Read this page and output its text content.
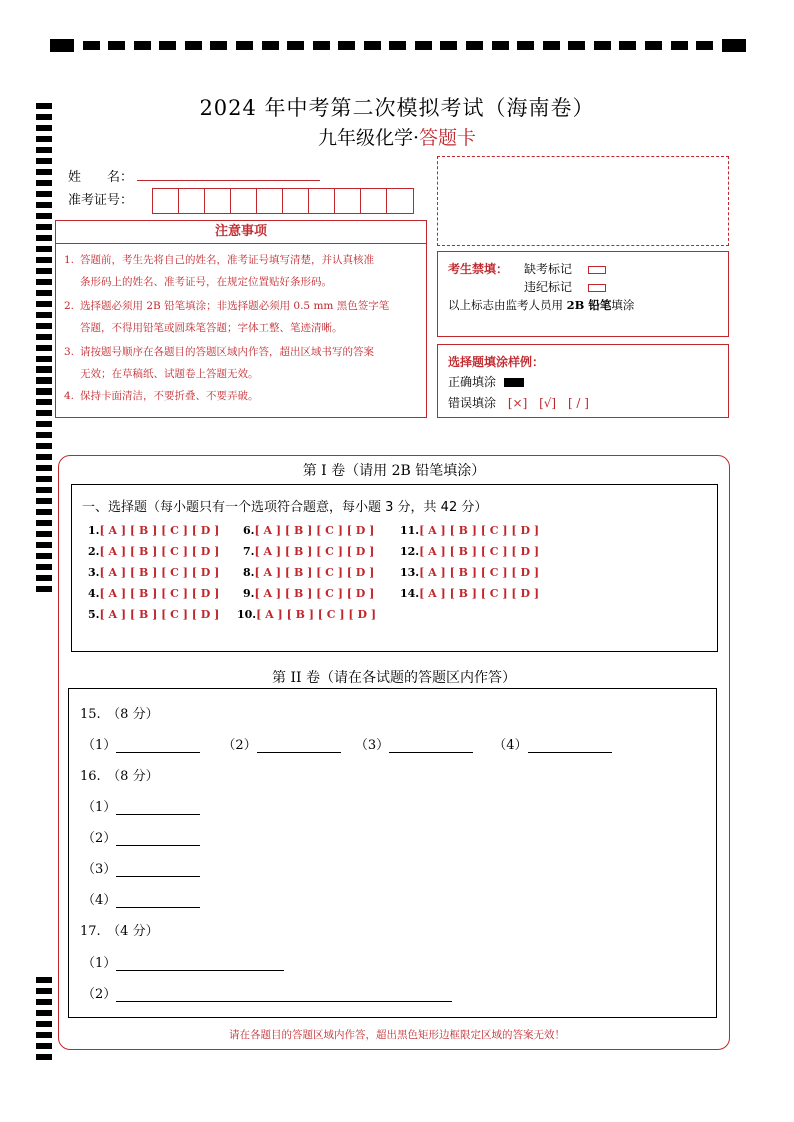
2024 年中考第二次模拟考试（海南卷）
九年级化学·答题卡
姓　　名：
准考证号：
注意事项
1. 答题前，考生先将自己的姓名，准考证号填写清楚，并认真核准
条形码上的姓名、准考证号，在规定位置贴好条形码。
2. 选择题必须用 2B 铅笔填涂；非选择题必须用 0.5 mm 黑色签字笔
答题，不得用铅笔或圆珠笔答题；字体工整、笔迹清晰。
3. 请按题号顺序在各题目的答题区域内作答，超出区域书写的答案
无效；在草稿纸、试题卷上答题无效。
4. 保持卡面清洁，不要折叠、不要弄破。
考生禁填： 缺考标记
违纪标记
以上标志由监考人员用 2B 铅笔填涂
选择题填涂样例：
正确填涂
错误填涂 [×] [√] [ / ]
第 I 卷（请用 2B 铅笔填涂）
一、选择题（每小题只有一个选项符合题意，每小题 3 分，共 42 分）
1.[ A ] [ B ] [ C ] [ D ]
2.[ A ] [ B ] [ C ] [ D ]
3.[ A ] [ B ] [ C ] [ D ]
4.[ A ] [ B ] [ C ] [ D ]
5.[ A ] [ B ] [ C ] [ D ]
6.[ A ] [ B ] [ C ] [ D ]
7.[ A ] [ B ] [ C ] [ D ]
8.[ A ] [ B ] [ C ] [ D ]
9.[ A ] [ B ] [ C ] [ D ]
10.[ A ] [ B ] [ C ] [ D ]
11.[ A ] [ B ] [ C ] [ D ]
12.[ A ] [ B ] [ C ] [ D ]
13.[ A ] [ B ] [ C ] [ D ]
14.[ A ] [ B ] [ C ] [ D ]
第 II 卷（请在各试题的答题区内作答）
15.　（8 分）
（1）	（2）	（3）	（4）
16.　（8 分）
（1）
（2）
（3）
（4）
17.　（4 分）
（1）
（2）
请在各题目的答题区域内作答，超出黑色矩形边框限定区域的答案无效！
